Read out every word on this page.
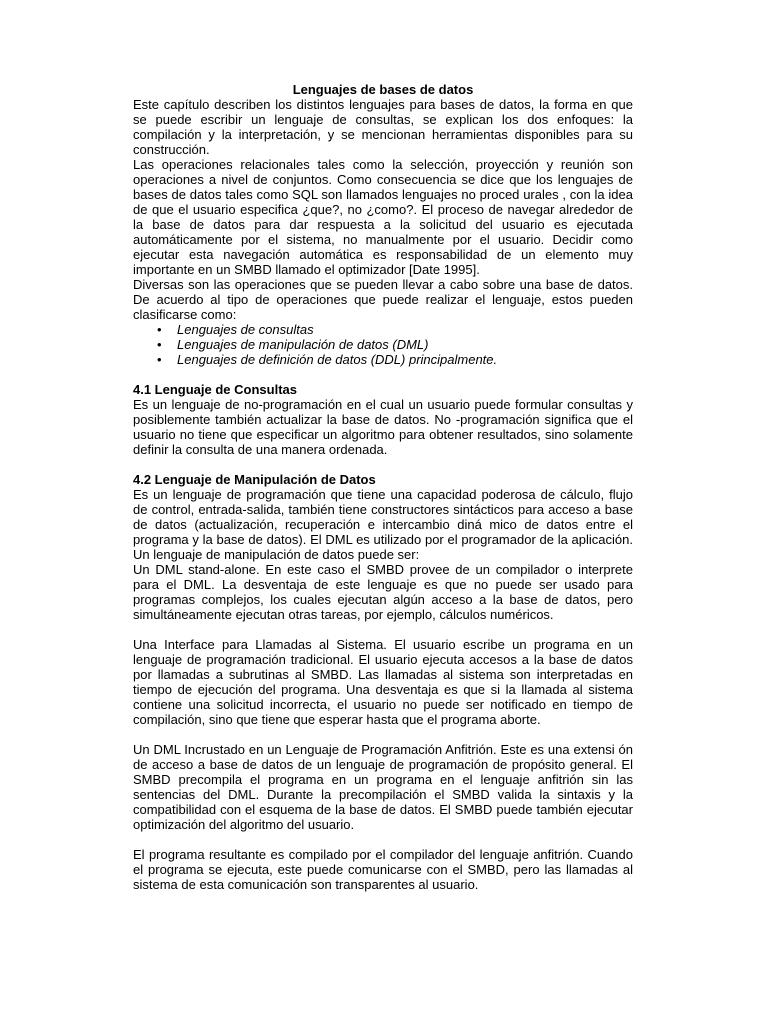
Lenguajes de bases de datos

Este capítulo describen los distintos lenguajes para bases de datos, la forma en que se puede escribir un lenguaje de consultas, se explican los dos enfoques: la compilación y la interpretación, y se mencionan herramientas disponibles para su construcción.

Las operaciones relacionales tales como la selección, proyección y reunión son operaciones a nivel de conjuntos. Como consecuencia se dice que los lenguajes de bases de datos tales como SQL son llamados lenguajes no proced urales , con la idea de que el usuario especifica ¿que?, no ¿como?. El proceso de navegar alrededor de la base de datos para dar respuesta a la solicitud del usuario es ejecutada automáticamente por el sistema, no manualmente por el usuario. Decidir como ejecutar esta navegación automática es responsabilidad de un elemento muy importante en un SMBD llamado el optimizador [Date 1995].

Diversas son las operaciones que se pueden llevar a cabo sobre una base de datos. De acuerdo al tipo de operaciones que puede realizar el lenguaje, estos pueden clasificarse como:

• Lenguajes de consultas
• Lenguajes de manipulación de datos (DML)
• Lenguajes de definición de datos (DDL) principalmente.
4.1 Lenguaje de Consultas

Es un lenguaje de no-programación en el cual un usuario puede formular consultas y posiblemente también actualizar la base de datos. No -programación significa que el usuario no tiene que especificar un algoritmo para obtener resultados, sino solamente definir la consulta de una manera ordenada.

4.2 Lenguaje de Manipulación de Datos

Es un lenguaje de programación que tiene una capacidad poderosa de cálculo, flujo de control, entrada-salida, también tiene constructores sintácticos para acceso a base de datos (actualización, recuperación e intercambio diná mico de datos entre el programa y la base de datos). El DML es utilizado por el programador de la aplicación. Un lenguaje de manipulación de datos puede ser:

Un DML stand-alone. En este caso el SMBD provee de un compilador o interprete para el DML. La desventaja de este lenguaje es que no puede ser usado para programas complejos, los cuales ejecutan algún acceso a la base de datos, pero simultáneamente ejecutan otras tareas, por ejemplo, cálculos numéricos.

Una Interface para Llamadas al Sistema. El usuario escribe un programa en un lenguaje de programación tradicional. El usuario ejecuta accesos a la base de datos por llamadas a subrutinas al SMBD. Las llamadas al sistema son interpretadas en tiempo de ejecución del programa. Una desventaja es que si la llamada al sistema contiene una solicitud incorrecta, el usuario no puede ser notificado en tiempo de compilación, sino que tiene que esperar hasta que el programa aborte.

Un DML Incrustado en un Lenguaje de Programación Anfitrión. Este es una extensi ón de acceso a base de datos de un lenguaje de programación de propósito general. El SMBD precompila el programa en un programa en el lenguaje anfitrión sin las sentencias del DML. Durante la precompilación el SMBD valida la sintaxis y la compatibilidad con el esquema de la base de datos. El SMBD puede también ejecutar optimización del algoritmo del usuario.

El programa resultante es compilado por el compilador del lenguaje anfitrión. Cuando el programa se ejecuta, este puede comunicarse con el SMBD, pero las llamadas al sistema de esta comunicación son transparentes al usuario.
